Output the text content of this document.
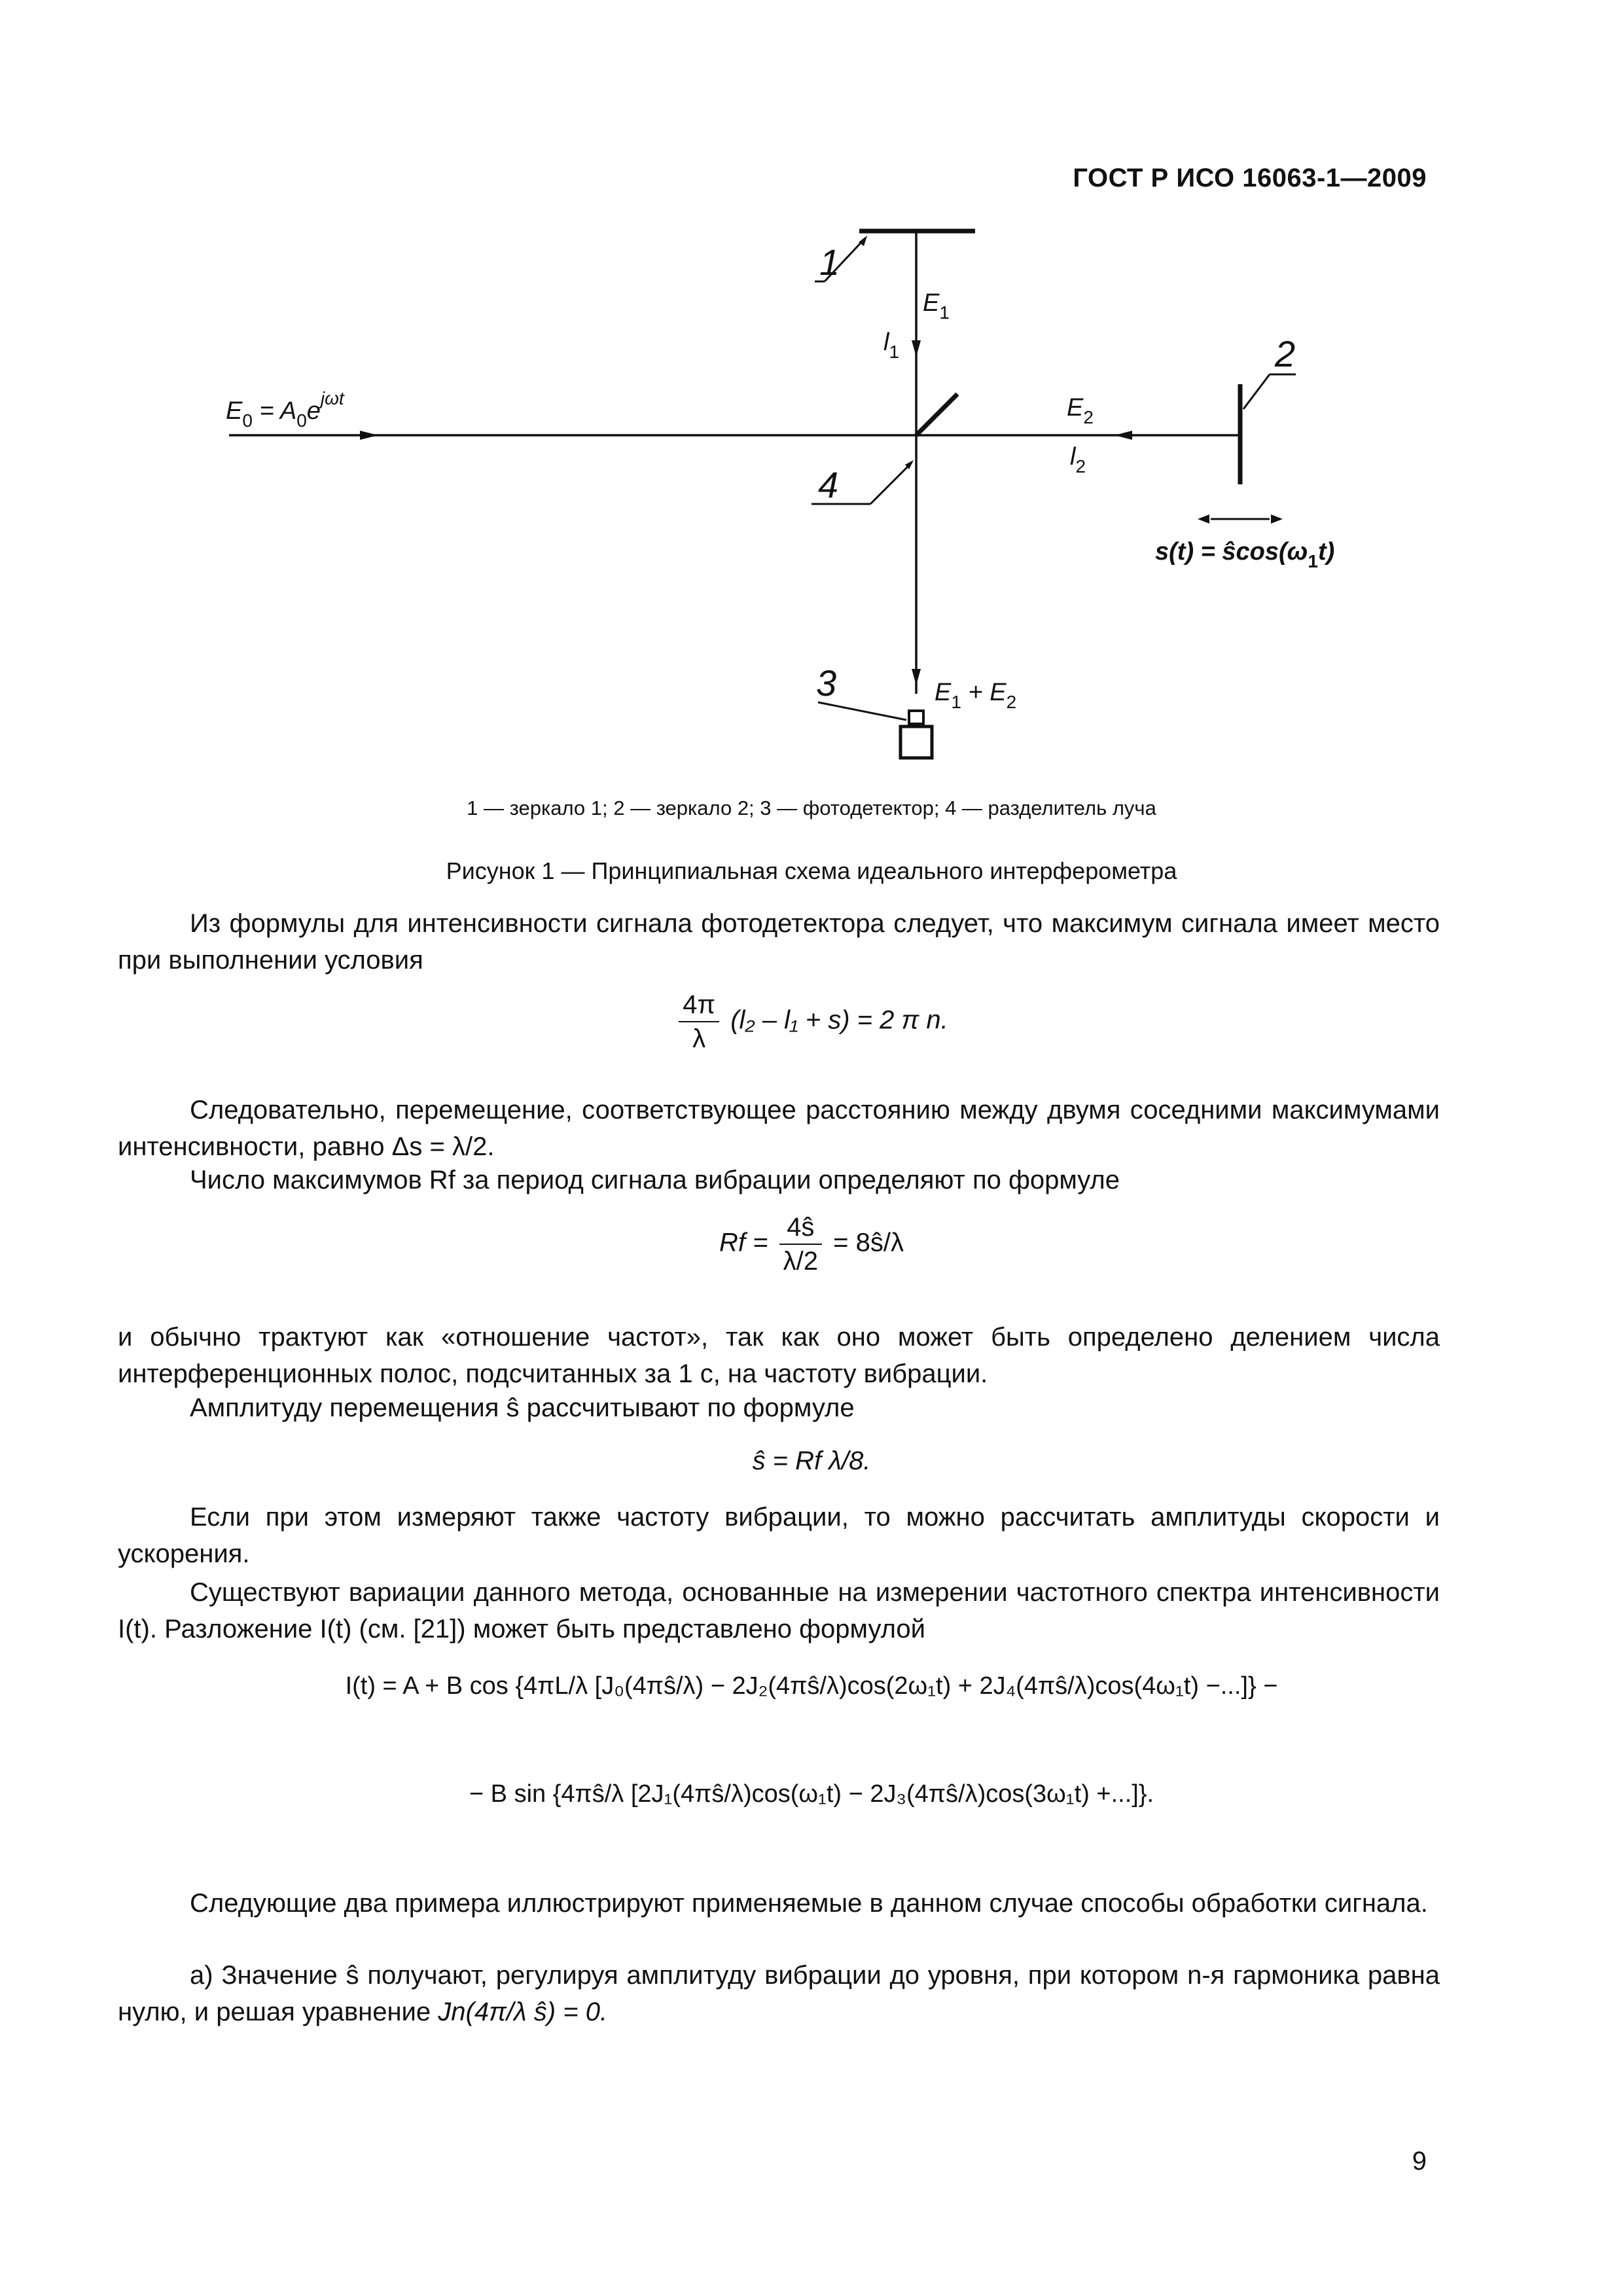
ГОСТ Р ИСО 16063-1—2009
1
2
3
4
$E_1$
$l_1$
$E_2$
$l_2$
$E_0 = A_0e^{j\omega t}$
$E_1 + E_2$
$s(t) = ŝ\cos(\omega_1t)$
1 — зеркало 1; 2 — зеркало 2; 3 — фотодетектор; 4 — разделитель луча
Рисунок 1 — Принципиальная схема идеального интерферометра
Из формулы для интенсивности сигнала фотодетектора следует, что максимум сигнала имеет место при выполнении условия
$\frac{4\pi}{\lambda} (l_2 - l_1 + s) = 2$ π n.
Следовательно, перемещение, соответствующее расстоянию между двумя соседними максимумами интенсивности, равно Δs = λ/2.
Число максимумов Rf за период сигнала вибрации определяют по формуле
$Rf = \frac{4ŝ}{\lambda/2}$ = 8ŝ/λ
и обычно трактуют как «отношение частот», так как оно может быть определено делением числа интерференционных полос, подсчитанных за 1 с, на частоту вибрации.
Амплитуду перемещения ŝ рассчитывают по формуле
ŝ = Rf λ/8.
Если при этом измеряют также частоту вибрации, то можно рассчитать амплитуды скорости и ускорения.
Существуют вариации данного метода, основанные на измерении частотного спектра интенсивности I(t). Разложение I(t) (см. [21]) может быть представлено формулой
I(t) = A + B cos {4πL/λ [J₀(4πŝ/λ) − 2J₂(4πŝ/λ)cos(2ω₁t) + 2J₄(4πŝ/λ)cos(4ω₁t) −...]} −
− B sin {4πŝ/λ [2J₁(4πŝ/λ)cos(ω₁t) − 2J₃(4πŝ/λ)cos(3ω₁t) +...]}.
Следующие два примера иллюстрируют применяемые в данном случае способы обработки сигнала.
а) Значение ŝ получают, регулируя амплитуду вибрации до уровня, при котором n-я гармоника равна нулю, и решая уравнение Jn(4π/λ ŝ) = 0.
9
